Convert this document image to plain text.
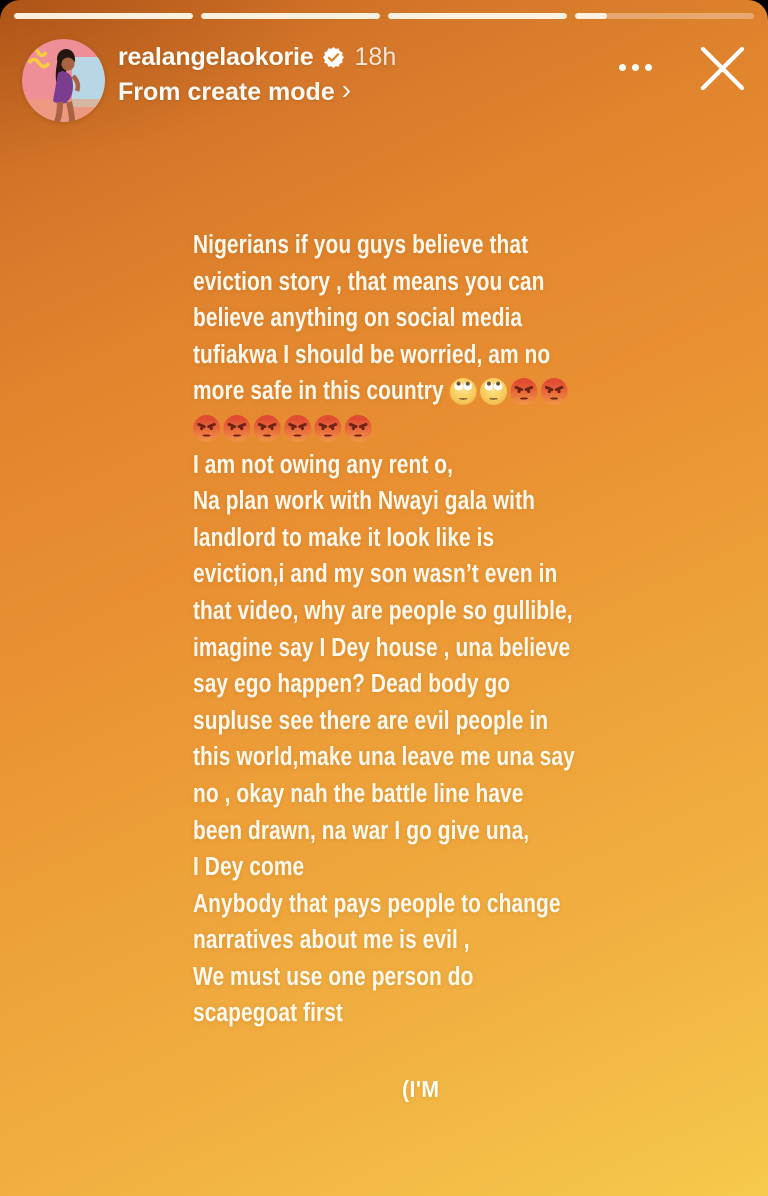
realangelaokorie 18h
From create mode ›
Nigerians if you guys believe that
eviction story , that means you can
believe anything on social media
tufiakwa I should be worried, am no
more safe in this country
I am not owing any rent o,
Na plan work with Nwayi gala with
landlord to make it look like is
eviction,i and my son wasn’t even in
that video, why are people so gullible,
imagine say I Dey house , una believe
say ego happen? Dead body go
supluse see there are evil people in
this world,make una leave me una say
no , okay nah the battle line have
been drawn, na war I go give una,
I Dey come
Anybody that pays people to change
narratives about me is evil ,
We must use one person do
scapegoat first
(I'M
